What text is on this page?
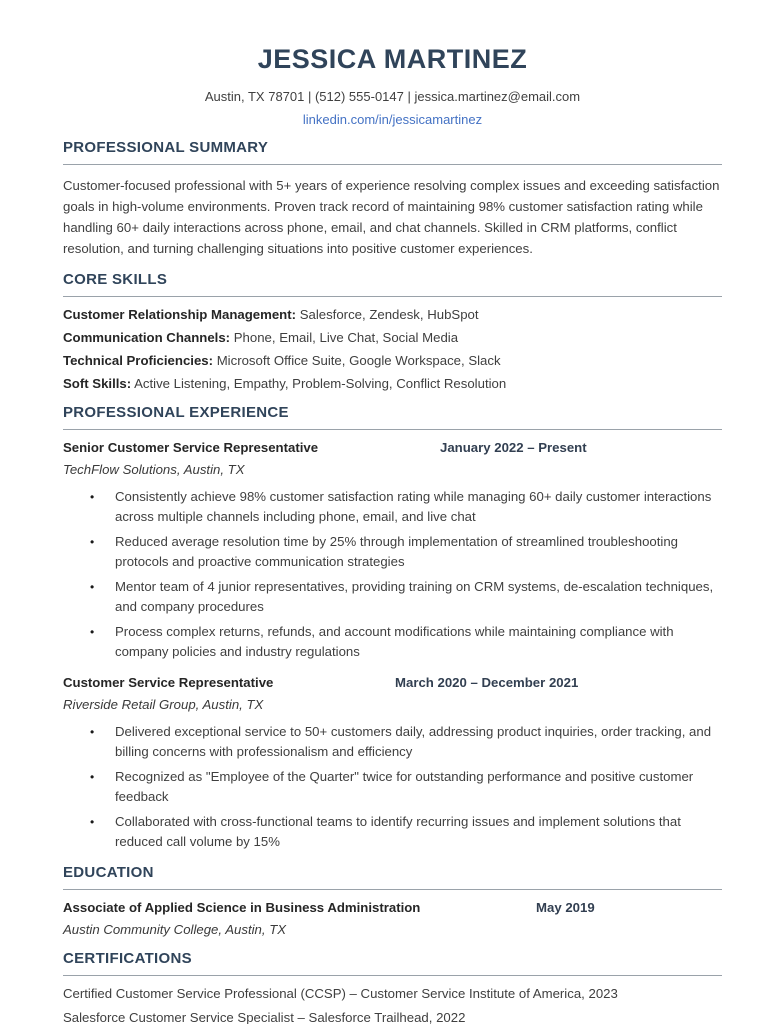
JESSICA MARTINEZ
Austin, TX 78701 | (512) 555-0147 | jessica.martinez@email.com
linkedin.com/in/jessicamartinez
PROFESSIONAL SUMMARY

Customer-focused professional with 5+ years of experience resolving complex issues and exceeding satisfaction goals in high-volume environments. Proven track record of maintaining 98% customer satisfaction rating while handling 60+ daily interactions across phone, email, and chat channels. Skilled in CRM platforms, conflict resolution, and turning challenging situations into positive customer experiences.

CORE SKILLS
Customer Relationship Management: Salesforce, Zendesk, HubSpot
Communication Channels: Phone, Email, Live Chat, Social Media
Technical Proficiencies: Microsoft Office Suite, Google Workspace, Slack
Soft Skills: Active Listening, Empathy, Problem-Solving, Conflict Resolution
PROFESSIONAL EXPERIENCE
Senior Customer Service Representative	January 2022 – Present
TechFlow Solutions, Austin, TX
•	Consistently achieve 98% customer satisfaction rating while managing 60+ daily customer interactions across multiple channels including phone, email, and live chat
•	Reduced average resolution time by 25% through implementation of streamlined troubleshooting protocols and proactive communication strategies
•	Mentor team of 4 junior representatives, providing training on CRM systems, de-escalation techniques, and company procedures
•	Process complex returns, refunds, and account modifications while maintaining compliance with company policies and industry regulations
Customer Service Representative	March 2020 – December 2021
Riverside Retail Group, Austin, TX
•	Delivered exceptional service to 50+ customers daily, addressing product inquiries, order tracking, and billing concerns with professionalism and efficiency
•	Recognized as "Employee of the Quarter" twice for outstanding performance and positive customer feedback
•	Collaborated with cross-functional teams to identify recurring issues and implement solutions that reduced call volume by 15%
EDUCATION
Associate of Applied Science in Business Administration	May 2019
Austin Community College, Austin, TX
CERTIFICATIONS
Certified Customer Service Professional (CCSP) – Customer Service Institute of America, 2023
Salesforce Customer Service Specialist – Salesforce Trailhead, 2022
